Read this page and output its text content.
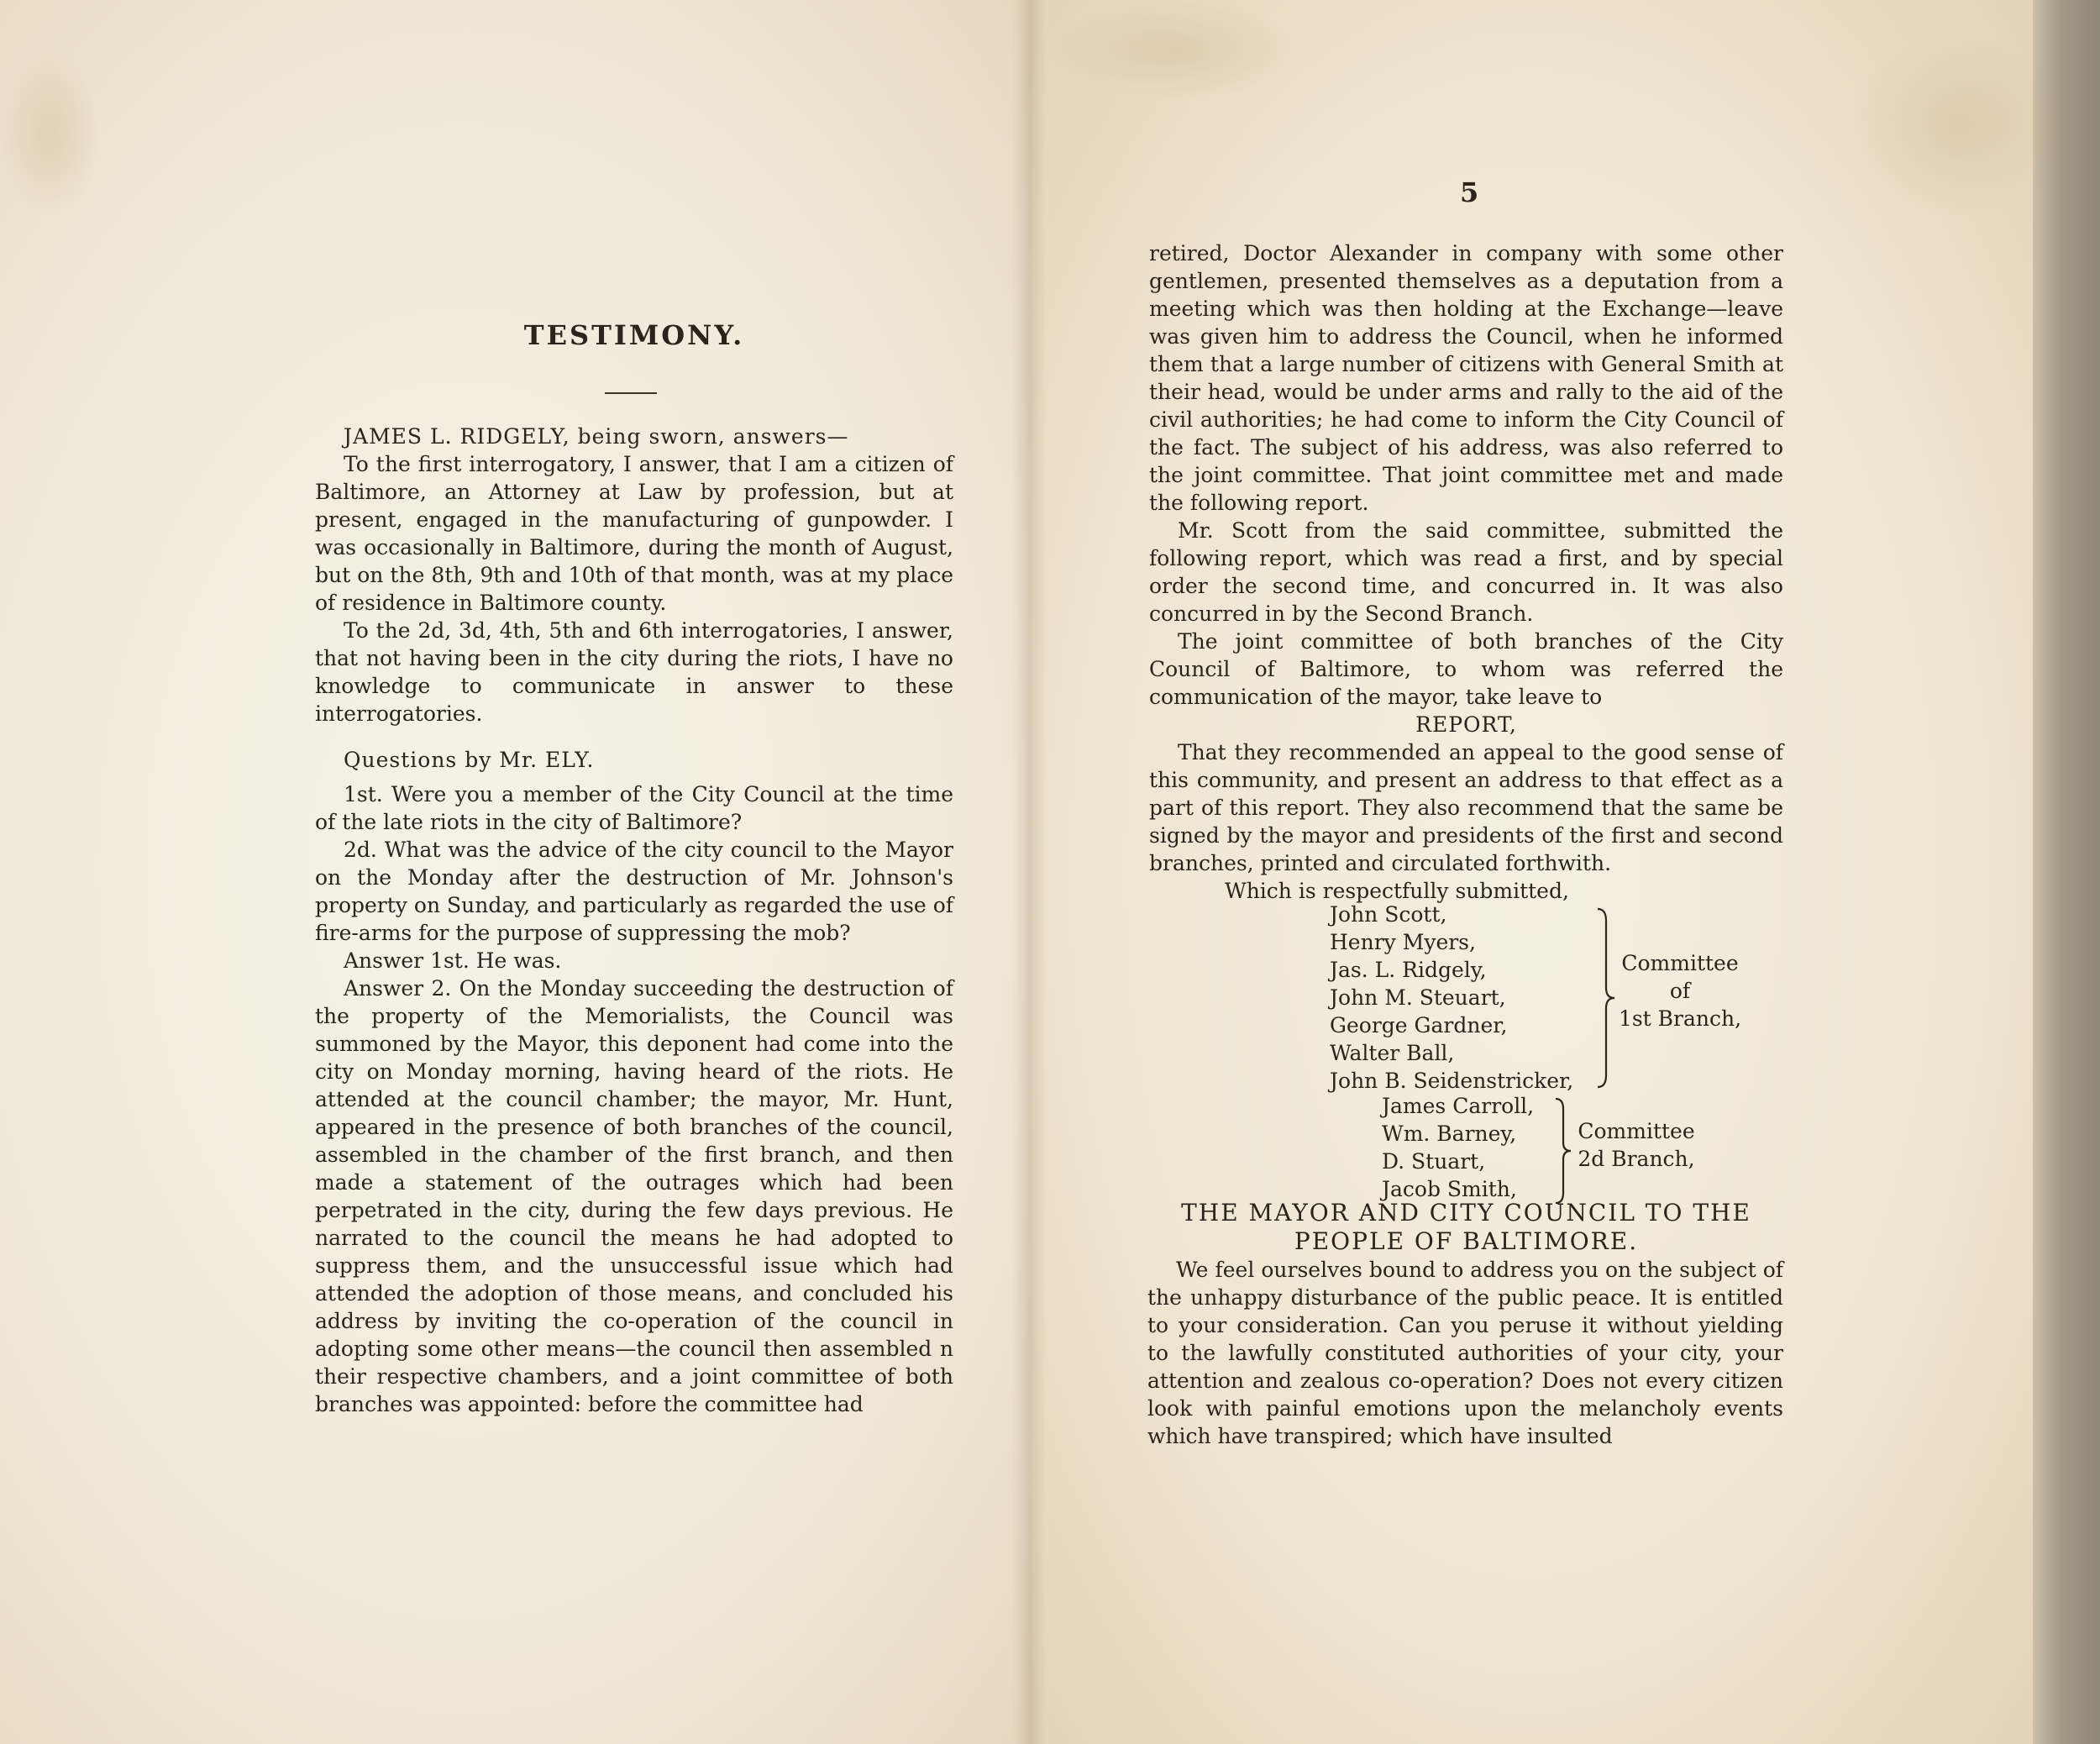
TESTIMONY.

JAMES L. RIDGELY, being sworn, answers—

To the first interrogatory, I answer, that I am a citizen of Baltimore, an Attorney at Law by profession, but at present, engaged in the manufacturing of gunpowder. I was occasionally in Baltimore, during the month of August, but on the 8th, 9th and 10th of that month, was at my place of residence in Baltimore county.

To the 2d, 3d, 4th, 5th and 6th interrogatories, I answer, that not having been in the city during the riots, I have no knowledge to communicate in answer to these interrogatories.

Questions by Mr. ELY.

1st. Were you a member of the City Council at the time of the late riots in the city of Baltimore?

2d. What was the advice of the city council to the Mayor on the Monday after the destruction of Mr. Johnson's property on Sunday, and particularly as regarded the use of fire-arms for the purpose of suppressing the mob?

Answer 1st. He was.

Answer 2. On the Monday succeeding the destruction of the property of the Memorialists, the Council was summoned by the Mayor, this deponent had come into the city on Monday morning, having heard of the riots. He attended at the council chamber; the mayor, Mr. Hunt, appeared in the presence of both branches of the council, assembled in the chamber of the first branch, and then made a statement of the outrages which had been perpetrated in the city, during the few days previous. He narrated to the council the means he had adopted to suppress them, and the unsuccessful issue which had attended the adoption of those means, and concluded his address by inviting the co-operation of the council in adopting some other means—the council then assembled n their respective chambers, and a joint committee of both branches was appointed: before the committee had

5

retired, Doctor Alexander in company with some other gentlemen, presented themselves as a deputation from a meeting which was then holding at the Exchange—leave was given him to address the Council, when he informed them that a large number of citizens with General Smith at their head, would be under arms and rally to the aid of the civil authorities; he had come to inform the City Council of the fact. The subject of his address, was also referred to the joint committee. That joint committee met and made the following report.

Mr. Scott from the said committee, submitted the following report, which was read a first, and by special order the second time, and concurred in. It was also concurred in by the Second Branch.

The joint committee of both branches of the City Council of Baltimore, to whom was referred the communication of the mayor, take leave to

REPORT,

That they recommended an appeal to the good sense of this community, and present an address to that effect as a part of this report. They also recommend that the same be signed by the mayor and presidents of the first and second branches, printed and circulated forthwith.

Which is respectfully submitted,

John Scott,
Henry Myers,
Jas. L. Ridgely,
John M. Steuart,
George Gardner,
Walter Ball,
John B. Seidenstricker,
Committee
of
1st Branch,
James Carroll,
Wm. Barney,
D. Stuart,
Jacob Smith,
Committee
2d Branch,
THE MAYOR AND CITY COUNCIL TO THE
PEOPLE OF BALTIMORE.

We feel ourselves bound to address you on the subject of the unhappy disturbance of the public peace. It is entitled to your consideration. Can you peruse it without yielding to the lawfully constituted authorities of your city, your attention and zealous co-operation? Does not every citizen look with painful emotions upon the melancholy events which have transpired; which have insulted
